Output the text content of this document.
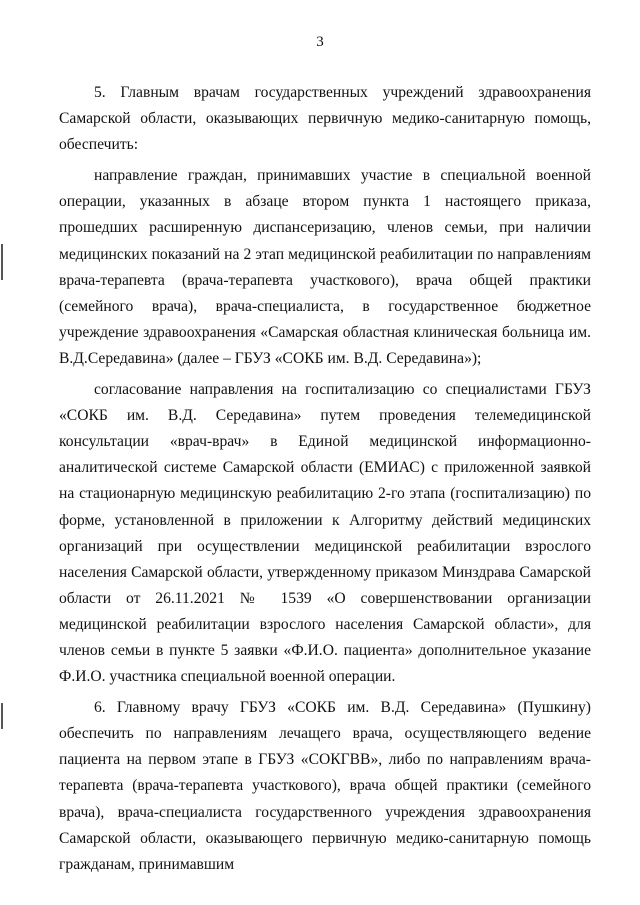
3

5. Главным врачам государственных учреждений здравоохранения Самарской области, оказывающих первичную медико-санитарную помощь, обеспечить:

направление граждан, принимавших участие в специальной военной операции, указанных в абзаце втором пункта 1 настоящего приказа, прошедших расширенную диспансеризацию, членов семьи, при наличии медицинских показаний на 2 этап медицинской реабилитации по направлениям врача-терапевта (врача-терапевта участкового), врача общей практики (семейного врача), врача-специалиста, в государственное бюджетное учреждение здравоохранения «Самарская областная клиническая больница им. В.Д.Середавина» (далее – ГБУЗ «СОКБ им. В.Д. Середавина»);

согласование направления на госпитализацию со специалистами ГБУЗ «СОКБ им. В.Д. Середавина» путем проведения телемедицинской консультации «врач-врач» в Единой медицинской информационно-аналитической системе Самарской области (ЕМИАС) с приложенной заявкой на стационарную медицинскую реабилитацию 2-го этапа (госпитализацию) по форме, установленной в приложении к Алгоритму действий медицинских организаций при осуществлении медицинской реабилитации взрослого населения Самарской области, утвержденному приказом Минздрава Самарской области от 26.11.2021 № 1539 «О совершенствовании организации медицинской реабилитации взрослого населения Самарской области», для членов семьи в пункте 5 заявки «Ф.И.О. пациента» дополнительное указание Ф.И.О. участника специальной военной операции.

6. Главному врачу ГБУЗ «СОКБ им. В.Д. Середавина» (Пушкину) обеспечить по направлениям лечащего врача, осуществляющего ведение пациента на первом этапе в ГБУЗ «СОКГВВ», либо по направлениям врача-терапевта (врача-терапевта участкового), врача общей практики (семейного врача), врача-специалиста государственного учреждения здравоохранения Самарской области, оказывающего первичную медико-санитарную помощь гражданам, принимавшим
